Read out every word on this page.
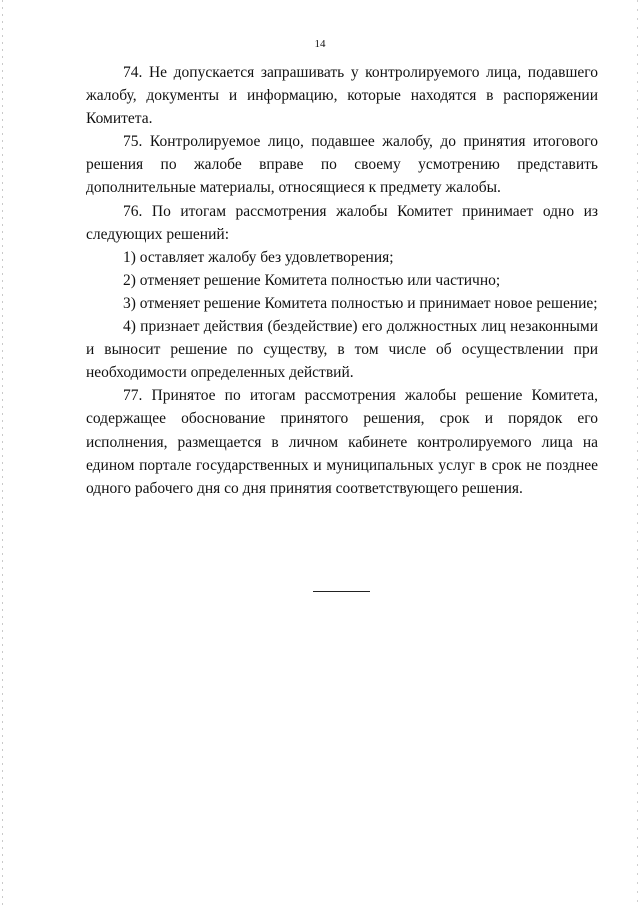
14

74. Не допускается запрашивать у контролируемого лица, подавшего жалобу, документы и информацию, которые находятся в распоряжении Комитета.

75. Контролируемое лицо, подавшее жалобу, до принятия итогового решения по жалобе вправе по своему усмотрению представить дополнительные материалы, относящиеся к предмету жалобы.

76. По итогам рассмотрения жалобы Комитет принимает одно из следующих решений:

1) оставляет жалобу без удовлетворения;

2) отменяет решение Комитета полностью или частично;

3) отменяет решение Комитета полностью и принимает новое решение;

4) признает действия (бездействие) его должностных лиц незаконными и выносит решение по существу, в том числе об осуществлении при необходимости определенных действий.

77. Принятое по итогам рассмотрения жалобы решение Комитета, содержащее обоснование принятого решения, срок и порядок его исполнения, размещается в личном кабинете контролируемого лица на едином портале государственных и муниципальных услуг в срок не позднее одного рабочего дня со дня принятия соответствующего решения.
